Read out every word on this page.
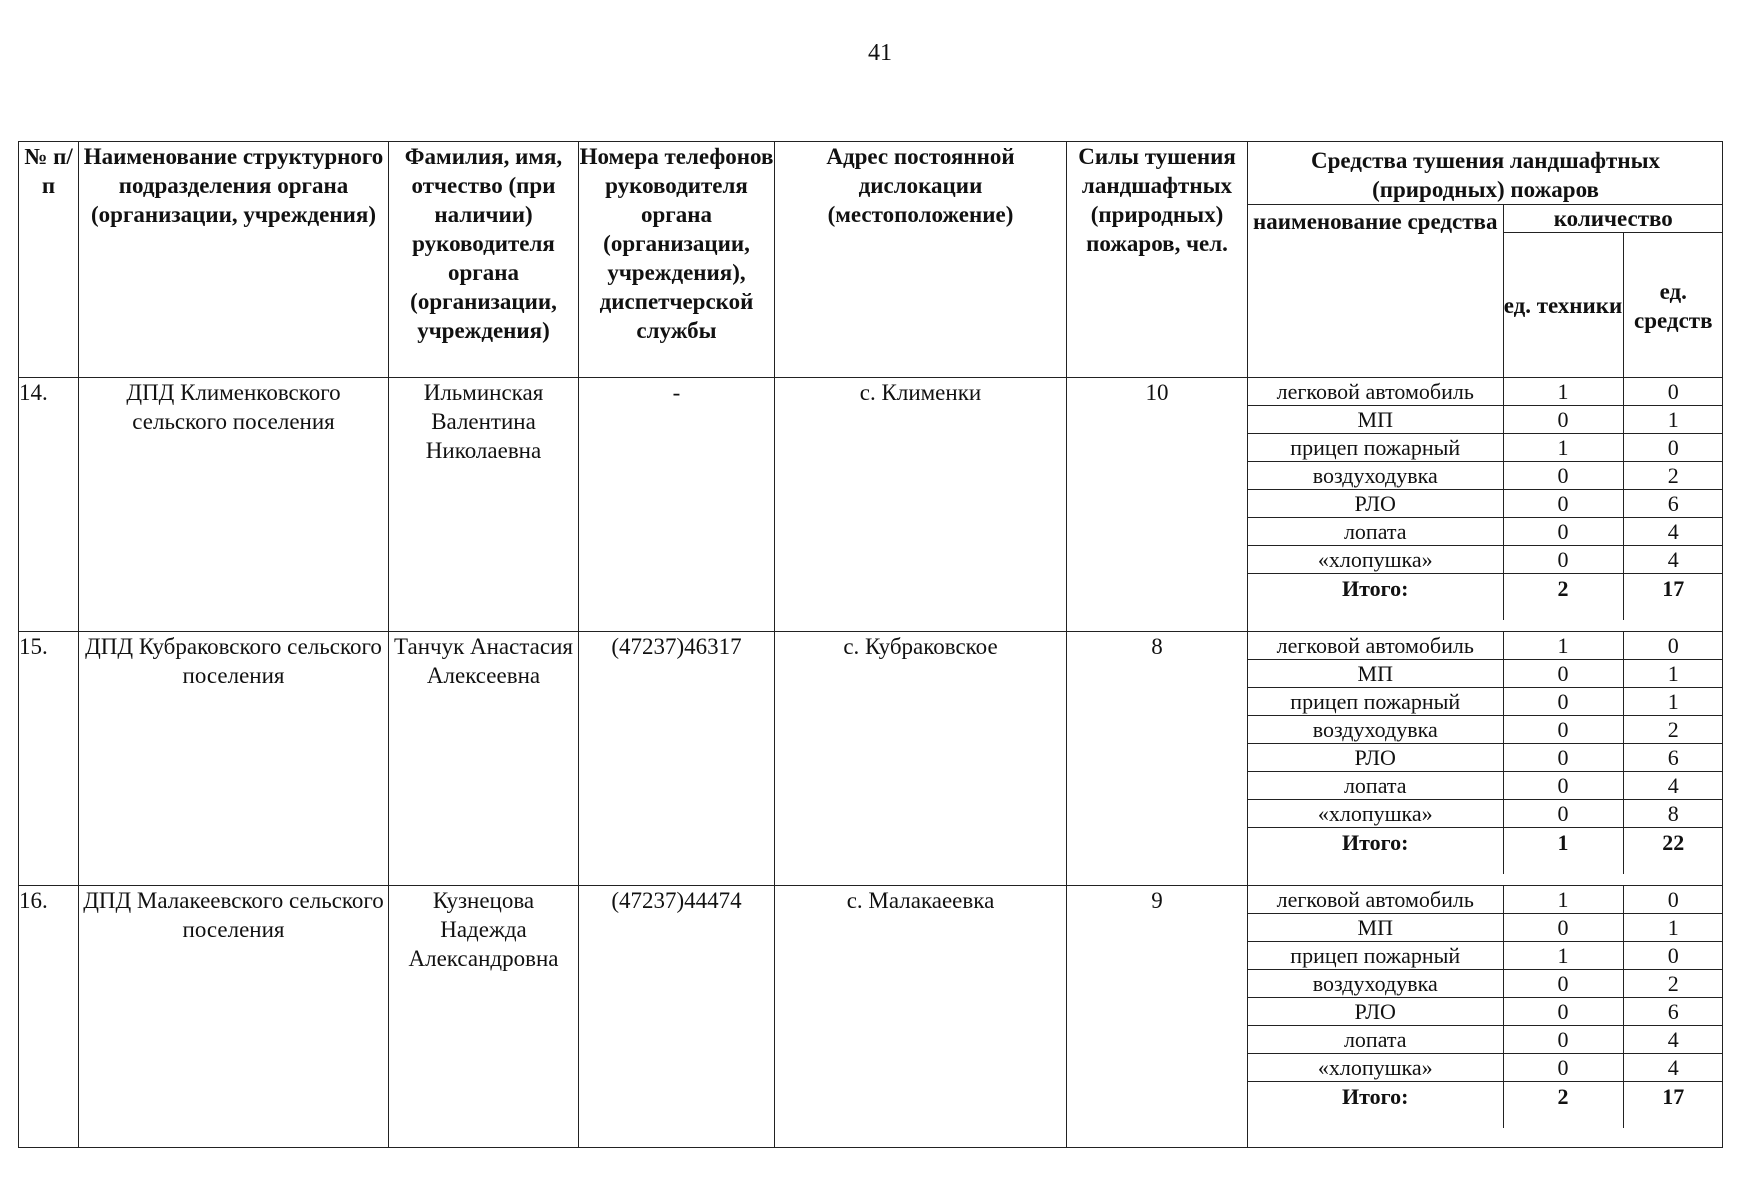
41
№ п/п	Наименование структурного подразделения органа (организации, учреждения)	Фамилия, имя, отчество (при наличии) руководителя органа (организации, учреждения)	Номера телефонов руководителя органа (организации, учреждения), диспетчерской службы	Адрес постоянной дислокации (местоположение)	Силы тушения ландшафтных (природных) пожаров, чел.	
Средства тушения ландшафтных (природных) пожаров
наименование средства	количество
ед. техники	ед. средств

14.	ДПД Клименковского сельского поселения	Ильминская Валентина Николаевна	-	с. Клименки	10		легковой автомобиль	1	0
МП	0	1
прицеп пожарный	1	0
воздуходувка	0	2
РЛО	0	6
лопата	0	4
«хлопушка»	0	4
Итого:	2	17

15.	ДПД Кубраковского сельского поселения	Танчук Анастасия Алексеевна	(47237)46317	с. Кубраковское	8		легковой автомобиль	1	0
МП	0	1
прицеп пожарный	0	1
воздуходувка	0	2
РЛО	0	6
лопата	0	4
«хлопушка»	0	8
Итого:	1	22

16.	ДПД Малакеевского сельского поселения	Кузнецова Надежда Александровна	(47237)44474	с. Малакаеевка	9		легковой автомобиль	1	0
МП	0	1
прицеп пожарный	1	0
воздуходувка	0	2
РЛО	0	6
лопата	0	4
«хлопушка»	0	4
Итого:	2	17
